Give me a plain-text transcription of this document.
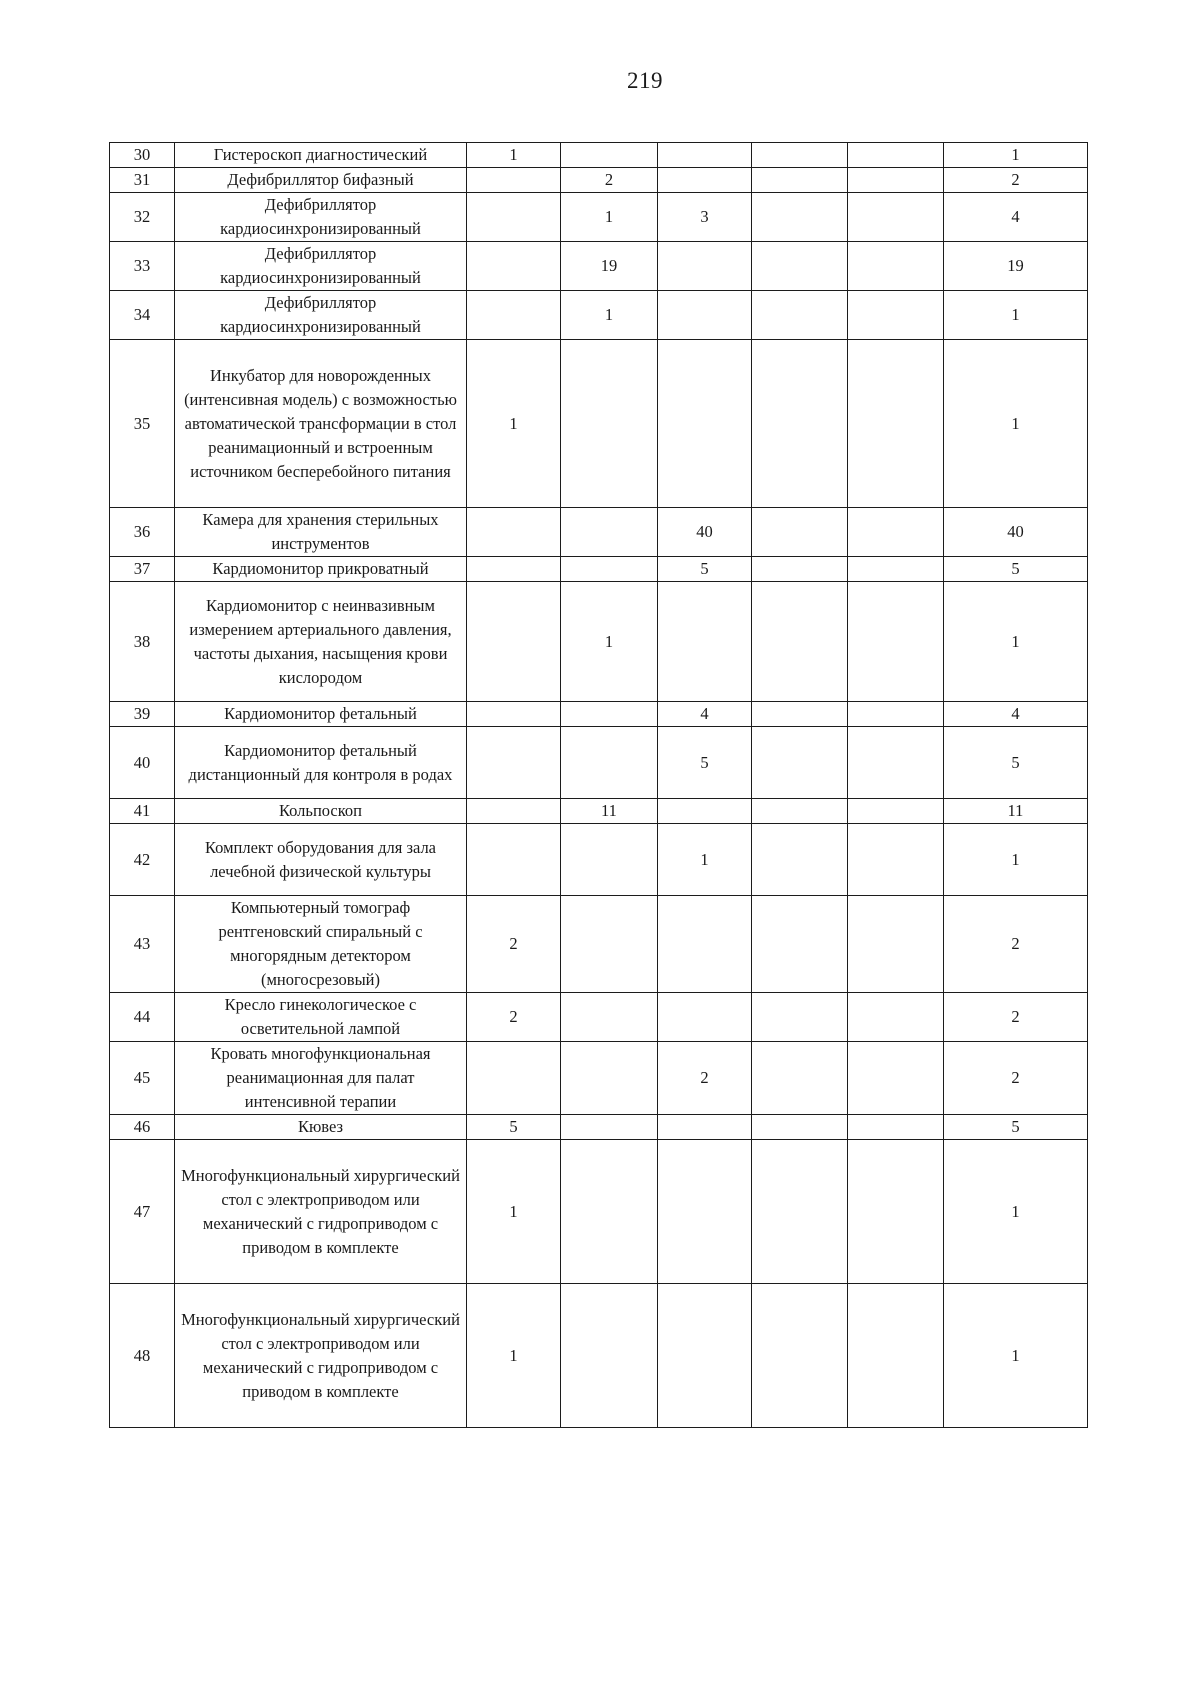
219
30	Гистероскоп диагностический	1					1
31	Дефибриллятор бифазный		2				2
32	Дефибриллятор кардиосинхронизированный		1	3			4
33	Дефибриллятор кардиосинхронизированный		19				19
34	Дефибриллятор кардиосинхронизированный		1				1
35	Инкубатор для новорожденных (интенсивная модель) с возможностью автоматической трансформации в стол реанимационный и встроенным источником бесперебойного питания	1					1
36	Камера для хранения стерильных инструментов			40			40
37	Кардиомонитор прикроватный			5			5
38	Кардиомонитор с неинвазивным измерением артериального давления, частоты дыхания, насыщения крови кислородом		1				1
39	Кардиомонитор фетальный			4			4
40	Кардиомонитор фетальный дистанционный для контроля в родах			5			5
41	Кольпоскоп		11				11
42	Комплект оборудования для зала лечебной физической культуры			1			1
43	Компьютерный томограф рентгеновский спиральный с многорядным детектором (многосрезовый)	2					2
44	Кресло гинекологическое с осветительной лампой	2					2
45	Кровать многофункциональная реанимационная для палат интенсивной терапии			2			2
46	Кювез	5					5
47	Многофункциональный хирургический стол с электроприводом или механический с гидроприводом с приводом в комплекте	1					1
48	Многофункциональный хирургический стол с электроприводом или механический с гидроприводом с приводом в комплекте	1					1
